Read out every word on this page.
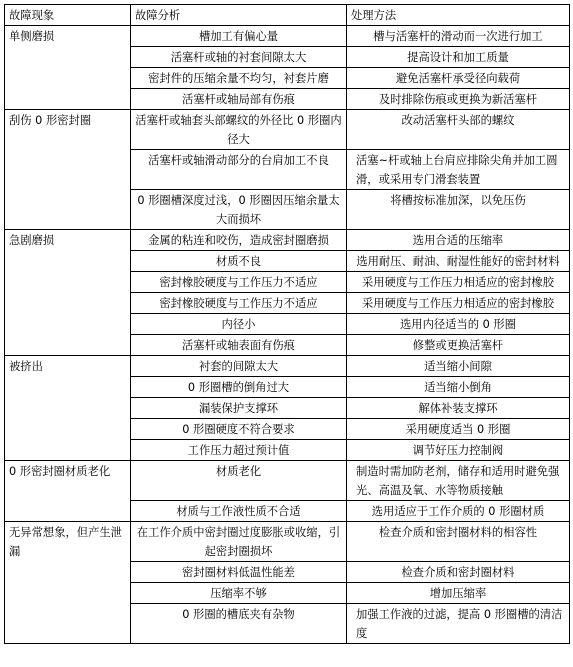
故障现象	故障分析	处理方法
单侧磨损	槽加工有偏心量	槽与活塞杆的滑动而一次进行加工
	活塞杆或轴的衬套间隙太大	提高设计和加工质量
	密封件的压缩余量不均匀，衬套片磨	避免活塞杆承受径向载荷
	活塞杆或轴局部有伤痕	及时排除伤痕或更换为新活塞杆
刮伤 0 形密封圈	活塞杆或轴套头部螺纹的外径比 0 形圈内径大	改动活塞杆头部的螺纹
	活塞杆或轴滑动部分的台肩加工不良	活塞~杆或轴上台肩应排除尖角并加工圆滑，或采用专门滑套装置
	0 形圈槽深度过浅，0 形圈因压缩余量太大而损坏	将槽按标准加深，以免压伤
急剧磨损	金属的粘连和咬伤，造成密封圈磨损	选用合适的压缩率
	材质不良	选用耐压、耐油、耐湿性能好的密封材料
	密封橡胶硬度与工作压力不适应	采用硬度与工作压力相适应的密封橡胶
	密封橡胶硬度与工作压力不适应	采用硬度与工作压力相适应的密封橡胶
	内径小	选用内径适当的 0 形圈
	活塞杆或轴表面有伤痕	修整或更换活塞杆
被挤出	衬套的间隙太大	适当缩小间隙
	0 形圈槽的倒角过大	适当缩小倒角
	漏装保护支撑环	解体补装支撑环
	0 形圈硬度不符合要求	采用硬度适当 0 形圈
	工作压力超过预计值	调节好压力控制阀
0 形密封圈材质老化	材质老化	制造时需加防老剂，储存和适用时避免强光、高温及氧、水等物质接触
	材质与工作液性质不合适	选用适应于工作介质的 0 形圈材质
无异常想象，但产生泄漏	在工作介质中密封圈过度膨胀或收缩，引起密封圈损坏	检查介质和密封圈材料的相容性
	密封圈材料低温性能差	检查介质和密封圈材料
	压缩率不够	增加压缩率
	0 形圈的槽底夹有杂物	加强工作液的过滤，提高 0 形圈槽的清洁度
